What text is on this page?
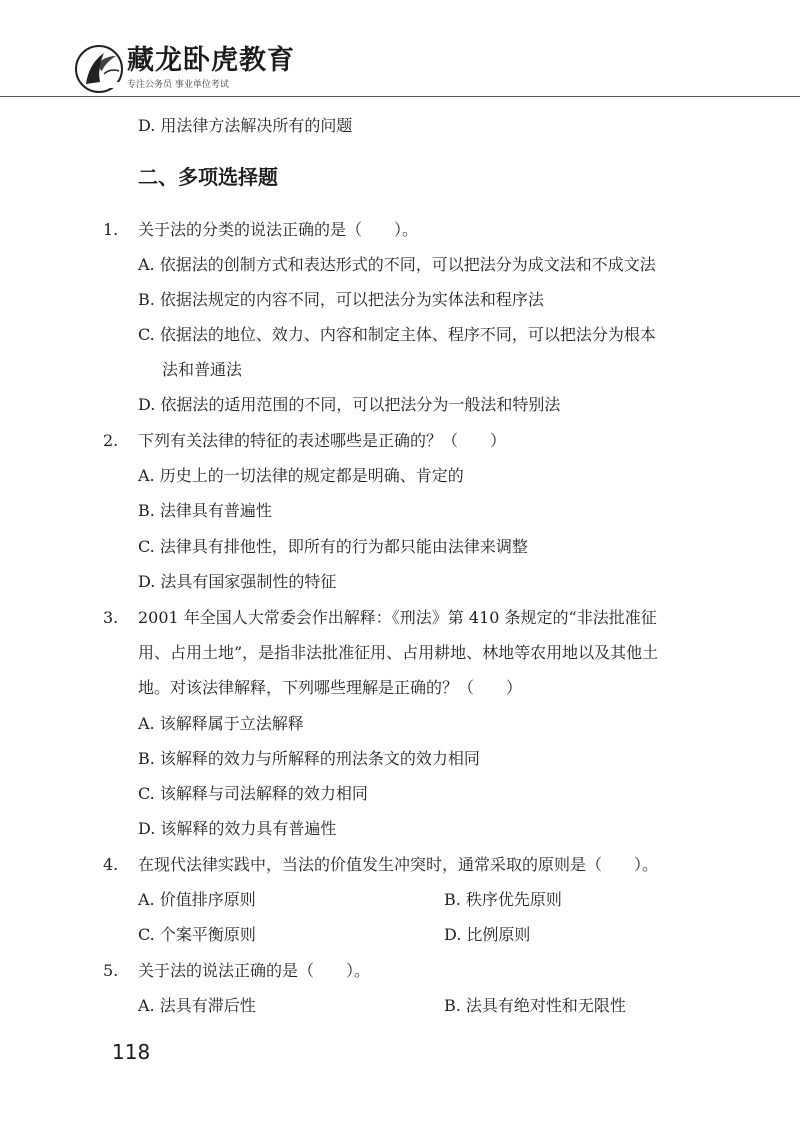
藏龙卧虎教育
专注公务员 事业单位考试
D. 用法律方法解决所有的问题
二、多项选择题
1. 关于法的分类的说法正确的是（　　）。
A. 依据法的创制方式和表达形式的不同，可以把法分为成文法和不成文法
B. 依据法规定的内容不同，可以把法分为实体法和程序法
C. 依据法的地位、效力、内容和制定主体、程序不同，可以把法分为根本
法和普通法
D. 依据法的适用范围的不同，可以把法分为一般法和特别法
2. 下列有关法律的特征的表述哪些是正确的？（　　）
A. 历史上的一切法律的规定都是明确、肯定的
B. 法律具有普遍性
C. 法律具有排他性，即所有的行为都只能由法律来调整
D. 法具有国家强制性的特征
3. 2001 年全国人大常委会作出解释：《刑法》第 410 条规定的“非法批准征
用、占用土地”，是指非法批准征用、占用耕地、林地等农用地以及其他土
地。对该法律解释，下列哪些理解是正确的？（　　）
A. 该解释属于立法解释
B. 该解释的效力与所解释的刑法条文的效力相同
C. 该解释与司法解释的效力相同
D. 该解释的效力具有普遍性
4. 在现代法律实践中，当法的价值发生冲突时，通常采取的原则是（　　）。
A. 价值排序原则	B. 秩序优先原则
C. 个案平衡原则	D. 比例原则
5. 关于法的说法正确的是（　　）。
A. 法具有滞后性	B. 法具有绝对性和无限性
118
